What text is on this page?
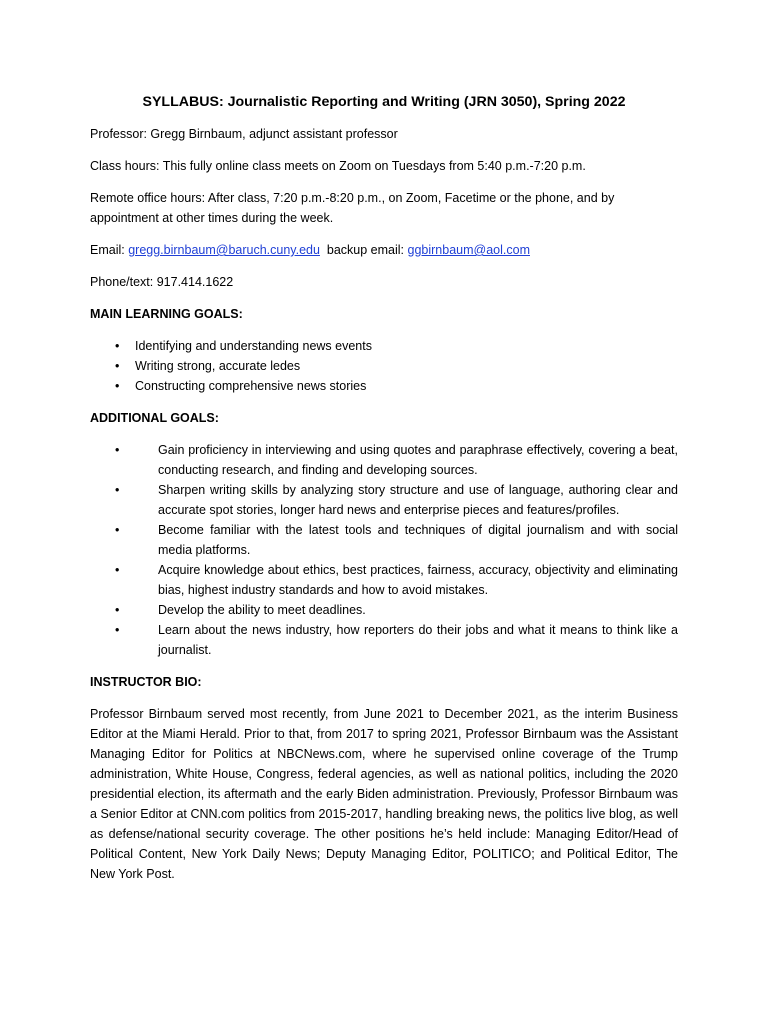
SYLLABUS: Journalistic Reporting and Writing (JRN 3050), Spring 2022
Professor: Gregg Birnbaum, adjunct assistant professor
Class hours: This fully online class meets on Zoom on Tuesdays from 5:40 p.m.-7:20 p.m.
Remote office hours: After class, 7:20 p.m.-8:20 p.m., on Zoom, Facetime or the phone, and by appointment at other times during the week.
Email: gregg.birnbaum@baruch.cuny.edu backup email: ggbirnbaum@aol.com
Phone/text: 917.414.1622
MAIN LEARNING GOALS:
• Identifying and understanding news events
• Writing strong, accurate ledes
• Constructing comprehensive news stories
ADDITIONAL GOALS:
•	Gain proficiency in interviewing and using quotes and paraphrase effectively, covering a beat, conducting research, and finding and developing sources.
•	Sharpen writing skills by analyzing story structure and use of language, authoring clear and accurate spot stories, longer hard news and enterprise pieces and features/profiles.
•	Become familiar with the latest tools and techniques of digital journalism and with social media platforms.
•	Acquire knowledge about ethics, best practices, fairness, accuracy, objectivity and eliminating bias, highest industry standards and how to avoid mistakes.
•	Develop the ability to meet deadlines.
•	Learn about the news industry, how reporters do their jobs and what it means to think like a journalist.
INSTRUCTOR BIO:

Professor Birnbaum served most recently, from June 2021 to December 2021, as the interim Business Editor at the Miami Herald. Prior to that, from 2017 to spring 2021, Professor Birnbaum was the Assistant Managing Editor for Politics at NBCNews.com, where he supervised online coverage of the Trump administration, White House, Congress, federal agencies, as well as national politics, including the 2020 presidential election, its aftermath and the early Biden administration. Previously, Professor Birnbaum was a Senior Editor at CNN.com politics from 2015-2017, handling breaking news, the politics live blog, as well as defense/national security coverage. The other positions he’s held include: Managing Editor/Head of Political Content, New York Daily News; Deputy Managing Editor, POLITICO; and Political Editor, The New York Post.
